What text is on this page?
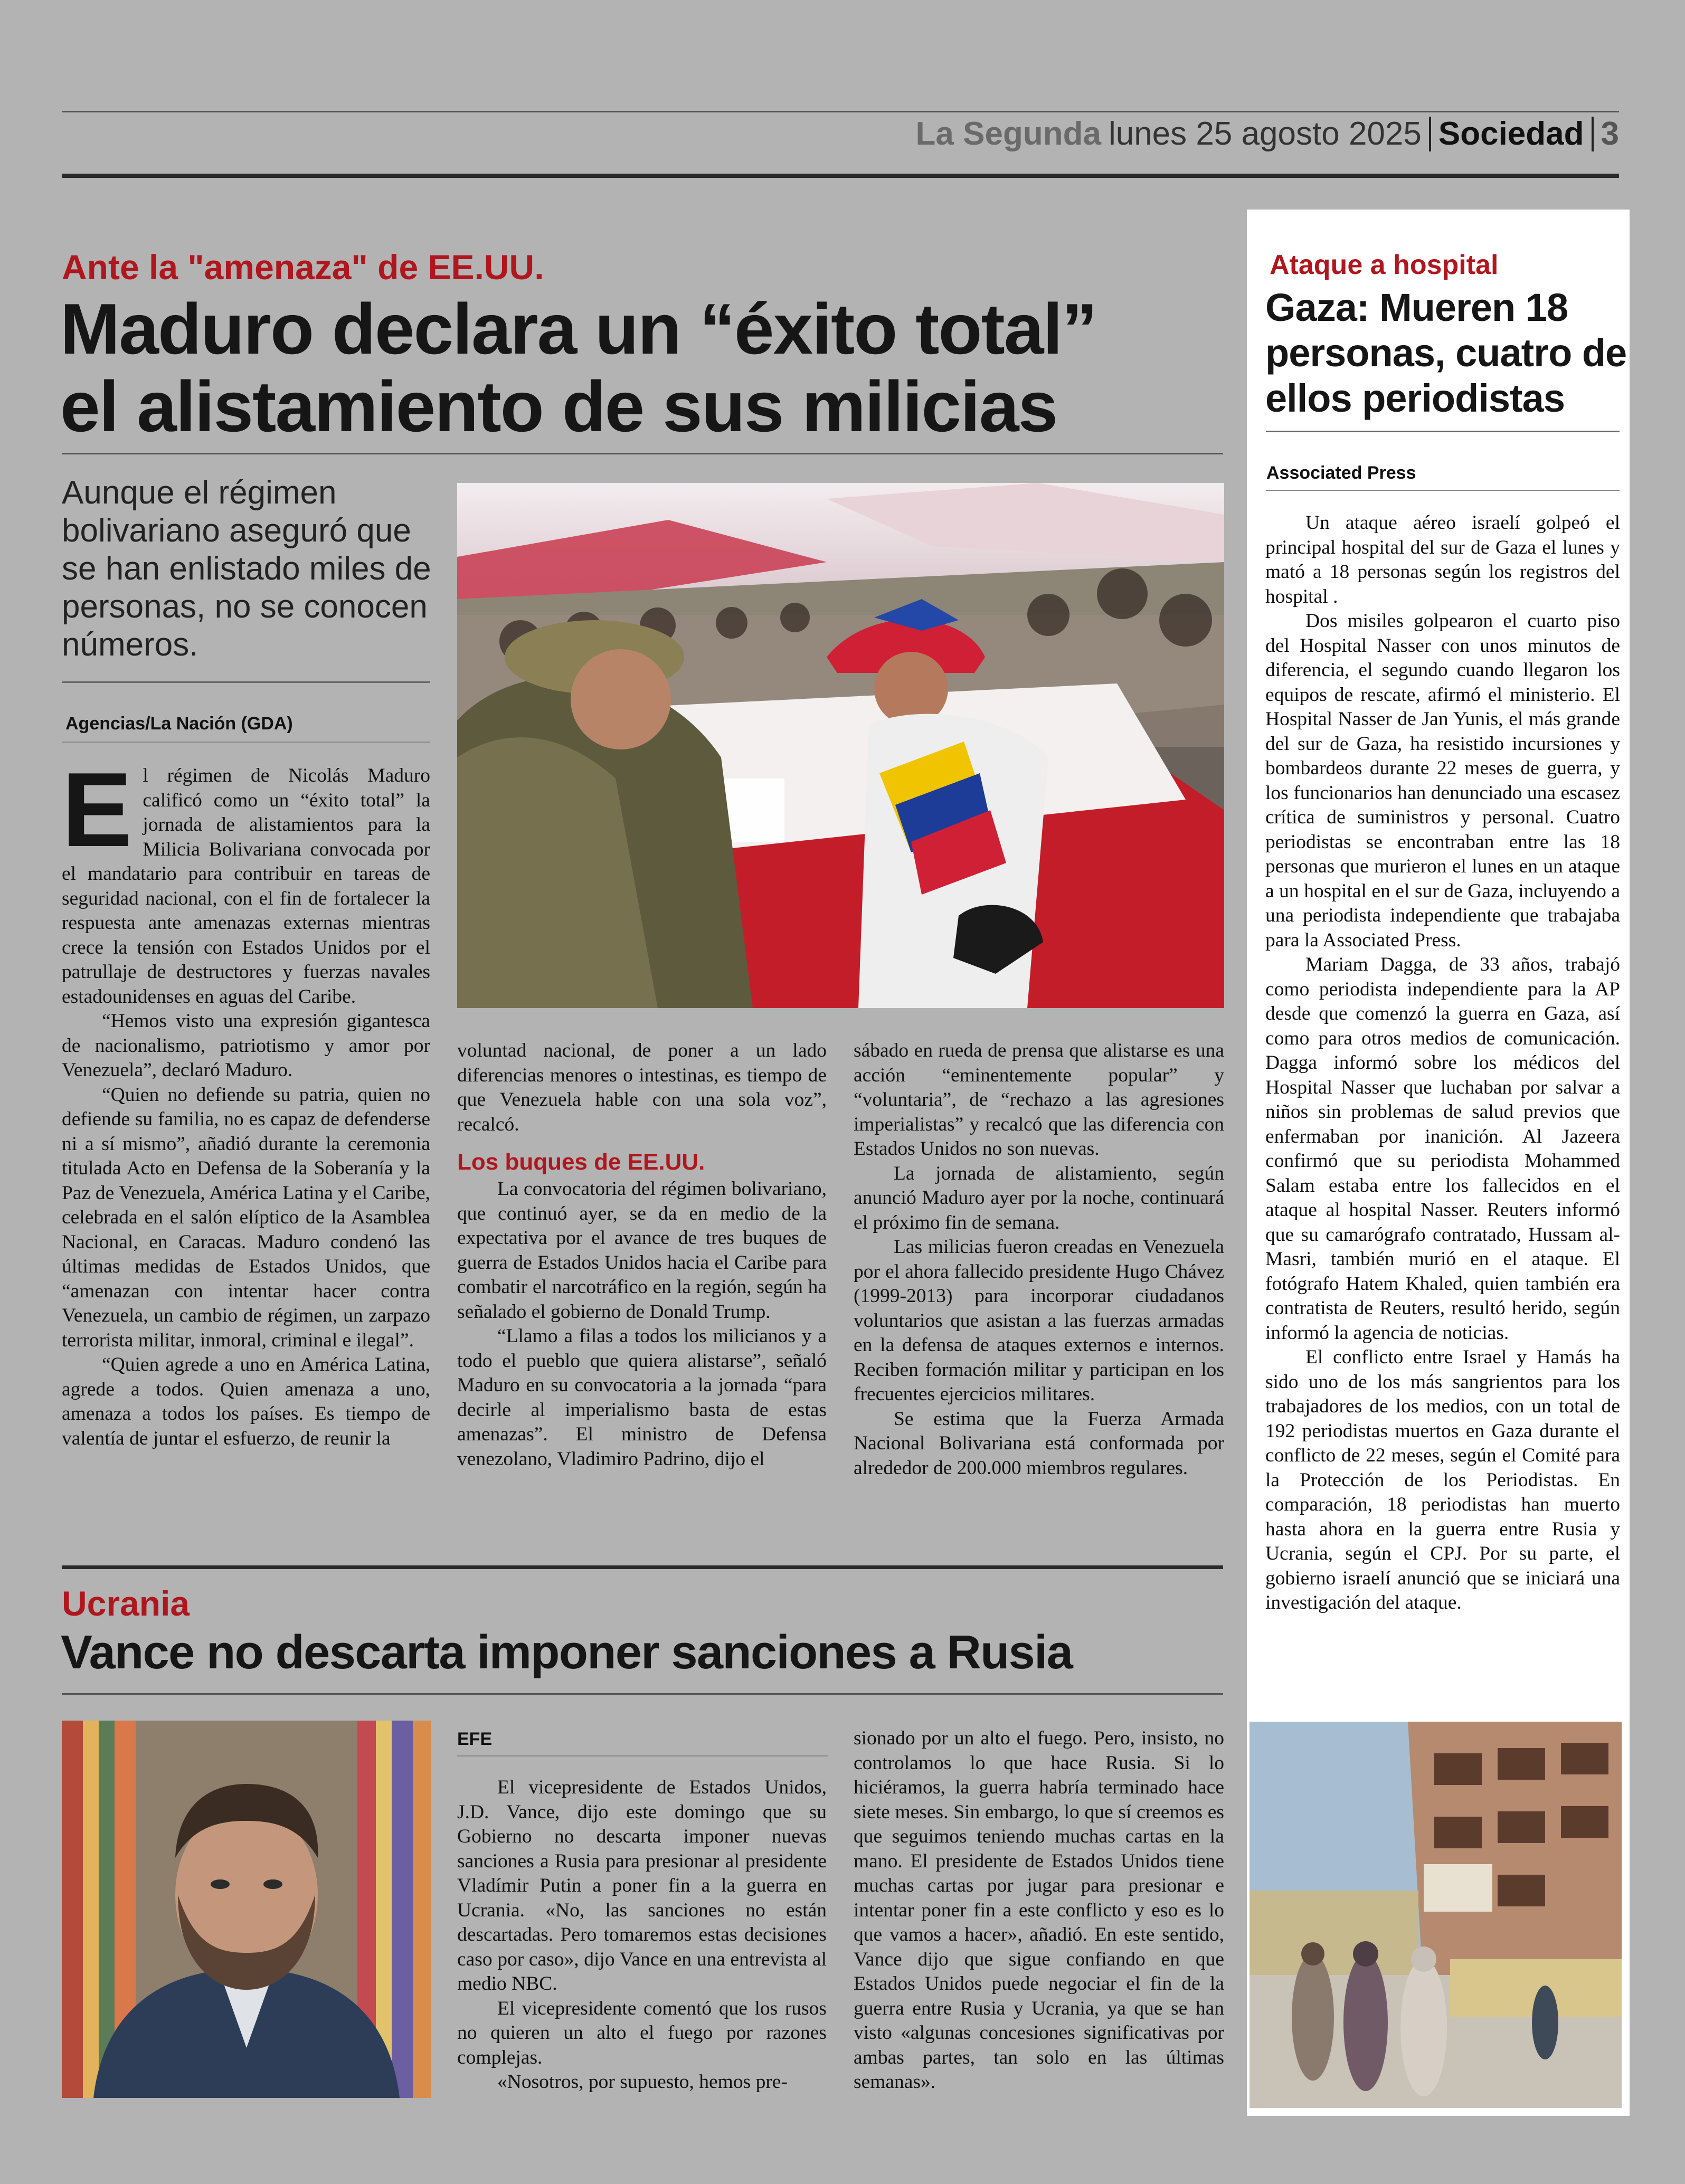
La Segunda lunes 25 agosto 2025 Sociedad 3
Ante la "amenaza" de EE.UU.
Maduro declara un “éxito total”
el alistamiento de sus milicias
Aunque el régimen bolivariano aseguró que se han enlistado miles de personas, no se conocen números.
Agencias/La Nación (GDA)
E l régimen de Nicolás Maduro calificó como un “éxito total” la jornada de alistamientos para la Milicia Bolivariana convocada por el mandatario para contribuir en tareas de seguridad nacional, con el fin de fortalecer la respuesta ante amenazas externas mientras crece la tensión con Estados Unidos por el patrullaje de destructores y fuerzas navales estadounidenses en aguas del Caribe.

“Hemos visto una expresión gigantesca de nacionalismo, patriotismo y amor por Venezuela”, declaró Maduro.

“Quien no defiende su patria, quien no defiende su familia, no es capaz de defenderse ni a sí mismo”, añadió durante la ceremonia titulada Acto en Defensa de la Soberanía y la Paz de Venezuela, América Latina y el Caribe, celebrada en el salón elíptico de la Asamblea Nacional, en Caracas. Maduro condenó las últimas medidas de Estados Unidos, que “amenazan con intentar hacer contra Venezuela, un cambio de régimen, un zarpazo terrorista militar, inmoral, criminal e ilegal”.

“Quien agrede a uno en América Latina, agrede a todos. Quien amenaza a uno, amenaza a todos los países. Es tiempo de valentía de juntar el esfuerzo, de reunir la

voluntad nacional, de poner a un lado diferencias menores o intestinas, es tiempo de que Venezuela hable con una sola voz”, recalcó.

Los buques de EE.UU.

La convocatoria del régimen bolivariano, que continuó ayer, se da en medio de la expectativa por el avance de tres buques de guerra de Estados Unidos hacia el Caribe para combatir el narcotráfico en la región, según ha señalado el gobierno de Donald Trump.

“Llamo a filas a todos los milicianos y a todo el pueblo que quiera alistarse”, señaló Maduro en su convocatoria a la jornada “para decirle al imperialismo basta de estas amenazas”. El ministro de Defensa venezolano, Vladimiro Padrino, dijo el

sábado en rueda de prensa que alistarse es una acción “eminentemente popular” y “voluntaria”, de “rechazo a las agresiones imperialistas” y recalcó que las diferencia con Estados Unidos no son nuevas.

La jornada de alistamiento, según anunció Maduro ayer por la noche, continuará el próximo fin de semana.

Las milicias fueron creadas en Venezuela por el ahora fallecido presidente Hugo Chávez (1999-2013) para incorporar ciudadanos voluntarios que asistan a las fuerzas armadas en la defensa de ataques externos e internos. Reciben formación militar y participan en los frecuentes ejercicios militares.

Se estima que la Fuerza Armada Nacional Bolivariana está conformada por alrededor de 200.000 miembros regulares.

Ataque a hospital
Gaza: Mueren 18 personas, cuatro de ellos periodistas
Associated Press

Un ataque aéreo israelí golpeó el principal hospital del sur de Gaza el lunes y mató a 18 personas según los registros del hospital .

Dos misiles golpearon el cuarto piso del Hospital Nasser con unos minutos de diferencia, el segundo cuando llegaron los equipos de rescate, afirmó el ministerio. El Hospital Nasser de Jan Yunis, el más grande del sur de Gaza, ha resistido incursiones y bombardeos durante 22 meses de guerra, y los funcionarios han denunciado una escasez crítica de suministros y personal. Cuatro periodistas se encontraban entre las 18 personas que murieron el lunes en un ataque a un hospital en el sur de Gaza, incluyendo a una periodista independiente que trabajaba para la Associated Press.

Mariam Dagga, de 33 años, trabajó como periodista independiente para la AP desde que comenzó la guerra en Gaza, así como para otros medios de comunicación. Dagga informó sobre los médicos del Hospital Nasser que luchaban por salvar a niños sin problemas de salud previos que enfermaban por inanición. Al Jazeera confirmó que su periodista Mohammed Salam estaba entre los fallecidos en el ataque al hospital Nasser. Reuters informó que su camarógrafo contratado, Hussam al-Masri, también murió en el ataque. El fotógrafo Hatem Khaled, quien también era contratista de Reuters, resultó herido, según informó la agencia de noticias.

El conflicto entre Israel y Hamás ha sido uno de los más sangrientos para los trabajadores de los medios, con un total de 192 periodistas muertos en Gaza durante el conflicto de 22 meses, según el Comité para la Protección de los Periodistas. En comparación, 18 periodistas han muerto hasta ahora en la guerra entre Rusia y Ucrania, según el CPJ. Por su parte, el gobierno israelí anunció que se iniciará una investigación del ataque.

Ucrania
Vance no descarta imponer sanciones a Rusia
EFE

El vicepresidente de Estados Unidos, J.D. Vance, dijo este domingo que su Gobierno no descarta imponer nuevas sanciones a Rusia para presionar al presidente Vladímir Putin a poner fin a la guerra en Ucrania. «No, las sanciones no están descartadas. Pero tomaremos estas decisiones caso por caso», dijo Vance en una entrevista al medio NBC.

El vicepresidente comentó que los rusos no quieren un alto el fuego por razones complejas.

«Nosotros, por supuesto, hemos pre-

sionado por un alto el fuego. Pero, insisto, no controlamos lo que hace Rusia. Si lo hiciéramos, la guerra habría terminado hace siete meses. Sin embargo, lo que sí creemos es que seguimos teniendo muchas cartas en la mano. El presidente de Estados Unidos tiene muchas cartas por jugar para presionar e intentar poner fin a este conflicto y eso es lo que vamos a hacer», añadió. En este sentido, Vance dijo que sigue confiando en que Estados Unidos puede negociar el fin de la guerra entre Rusia y Ucrania, ya que se han visto «algunas concesiones significativas por ambas partes, tan solo en las últimas semanas».
